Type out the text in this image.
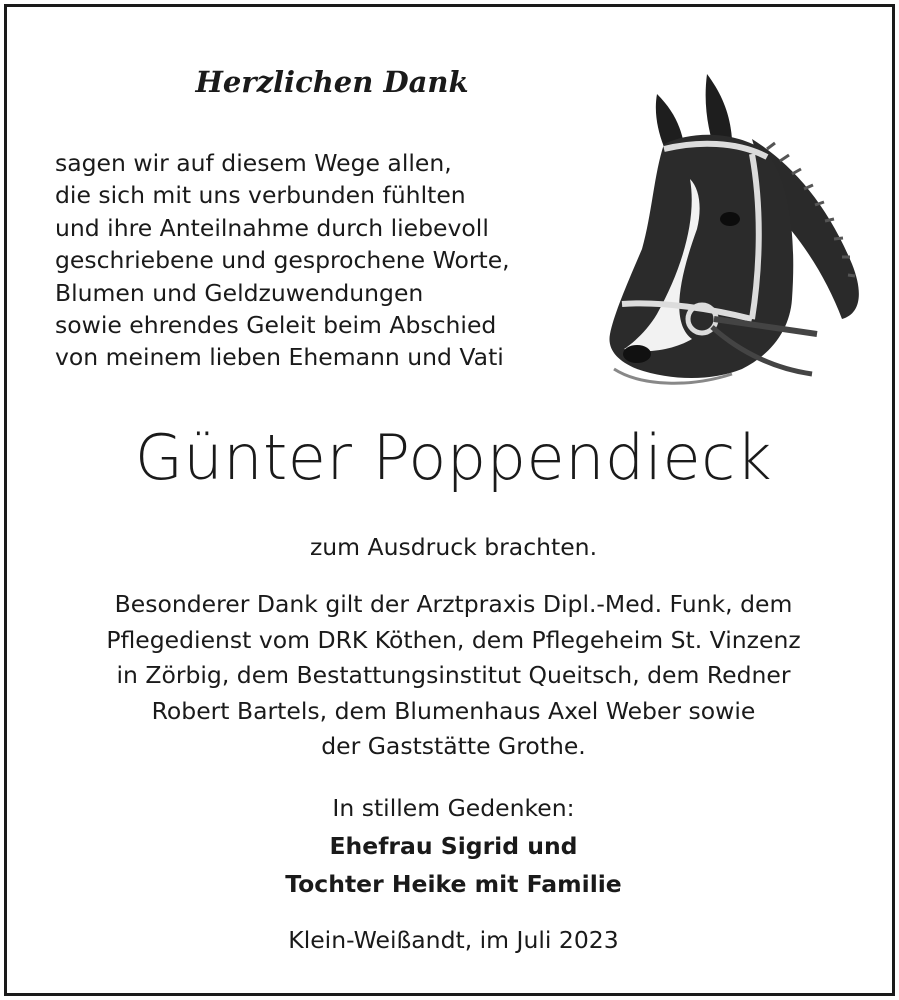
Herzlichen Dank
sagen wir auf diesem Wege allen,
die sich mit uns verbunden fühlten
und ihre Anteilnahme durch liebevoll
geschriebene und gesprochene Worte,
Blumen und Geldzuwendungen
sowie ehrendes Geleit beim Abschied
von meinem lieben Ehemann und Vati
Günter Poppendieck
zum Ausdruck brachten.
Besonderer Dank gilt der Arztpraxis Dipl.-Med. Funk, dem
Pflegedienst vom DRK Köthen, dem Pflegeheim St. Vinzenz
in Zörbig, dem Bestattungsinstitut Queitsch, dem Redner
Robert Bartels, dem Blumenhaus Axel Weber sowie
der Gaststätte Grothe.
In stillem Gedenken:
Ehefrau Sigrid und
Tochter Heike mit Familie
Klein-Weißandt, im Juli 2023
